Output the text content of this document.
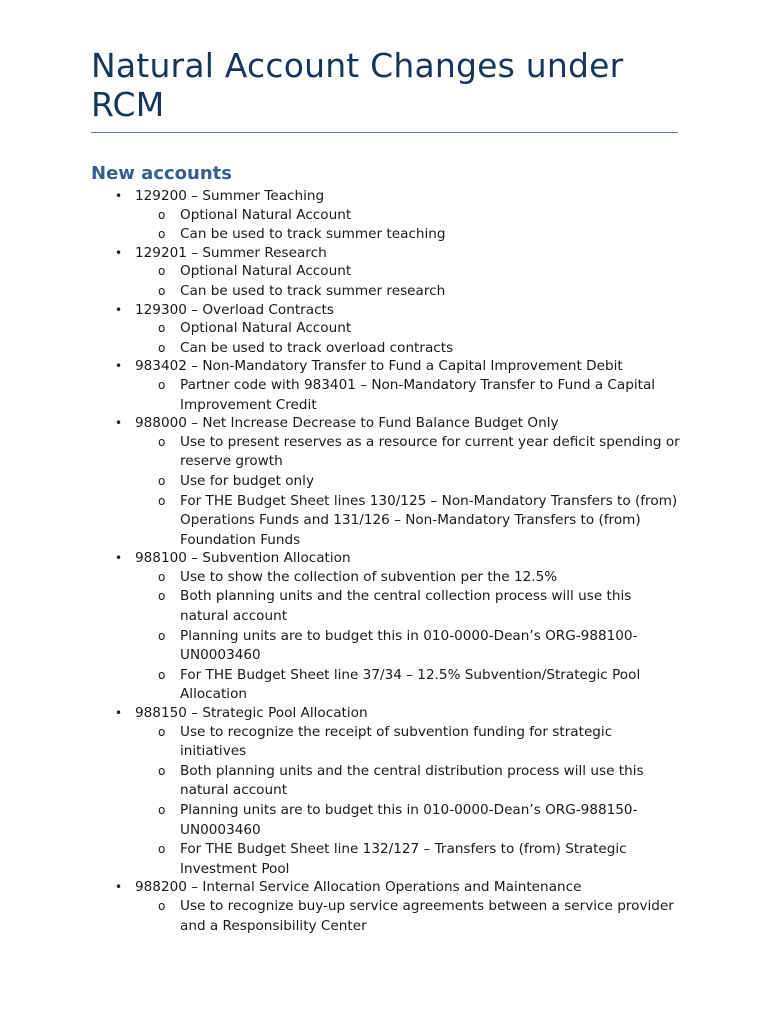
Natural Account Changes under RCM
New accounts
• 129200 – Summer Teaching
o Optional Natural Account
o Can be used to track summer teaching
• 129201 – Summer Research
o Optional Natural Account
o Can be used to track summer research
• 129300 – Overload Contracts
o Optional Natural Account
o Can be used to track overload contracts
• 983402 – Non-Mandatory Transfer to Fund a Capital Improvement Debit
o Partner code with 983401 – Non-Mandatory Transfer to Fund a Capital Improvement Credit
• 988000 – Net Increase Decrease to Fund Balance Budget Only
o Use to present reserves as a resource for current year deficit spending or reserve growth
o Use for budget only
o For THE Budget Sheet lines 130/125 – Non-Mandatory Transfers to (from) Operations Funds and 131/126 – Non-Mandatory Transfers to (from) Foundation Funds
• 988100 – Subvention Allocation
o Use to show the collection of subvention per the 12.5%
o Both planning units and the central collection process will use this natural account
o Planning units are to budget this in 010-0000-Dean’s ORG-988100-UN0003460
o For THE Budget Sheet line 37/34 – 12.5% Subvention/Strategic Pool Allocation
• 988150 – Strategic Pool Allocation
o Use to recognize the receipt of subvention funding for strategic initiatives
o Both planning units and the central distribution process will use this natural account
o Planning units are to budget this in 010-0000-Dean’s ORG-988150-UN0003460
o For THE Budget Sheet line 132/127 – Transfers to (from) Strategic Investment Pool
• 988200 – Internal Service Allocation Operations and Maintenance
o Use to recognize buy-up service agreements between a service provider and a Responsibility Center
